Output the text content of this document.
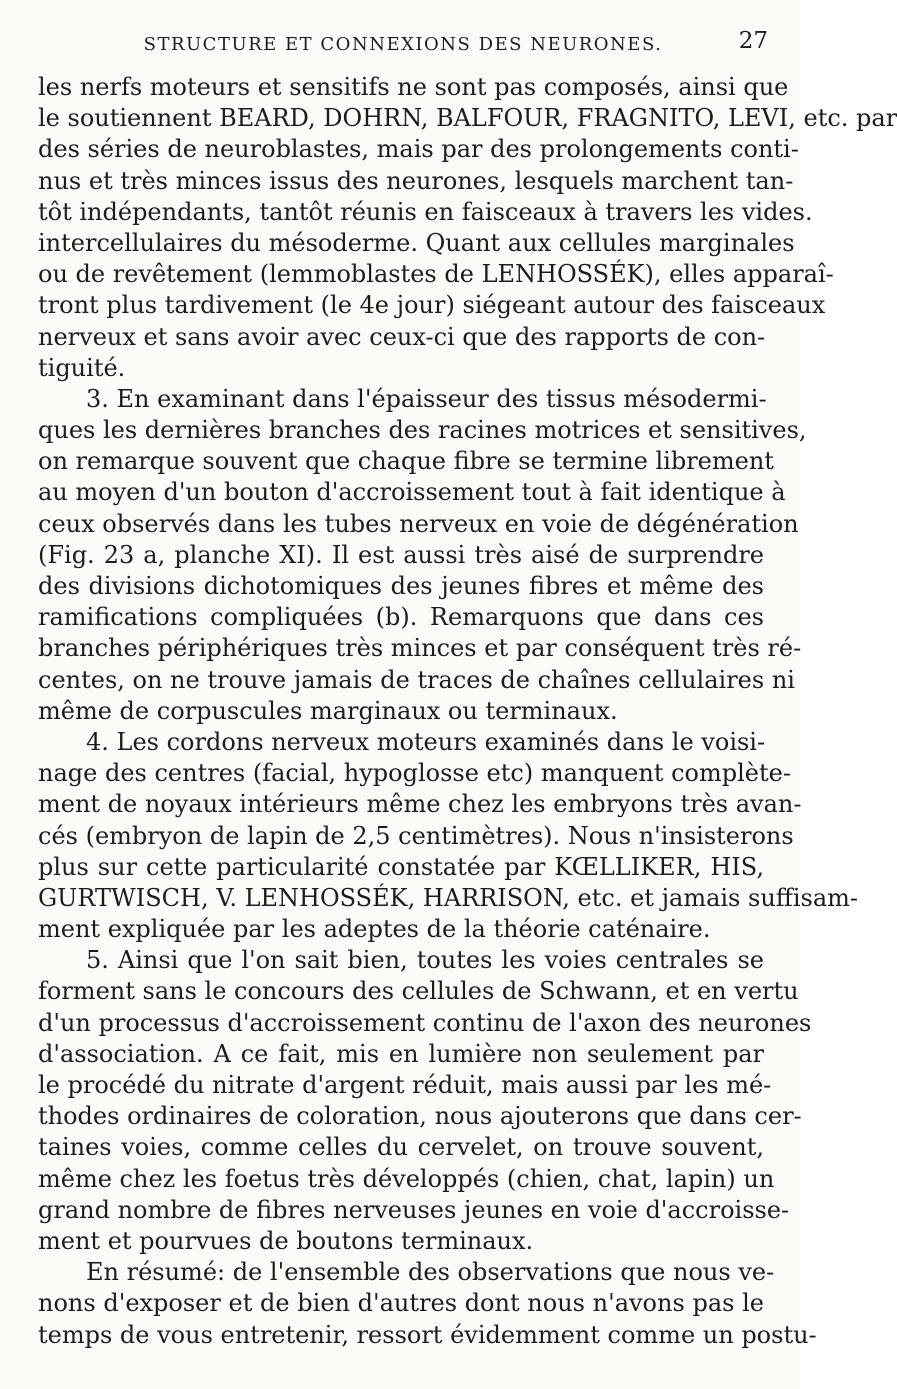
STRUCTURE ET CONNEXIONS DES NEURONES.	27
les nerfs moteurs et sensitifs ne sont pas composés, ainsi que
le soutiennent BEARD, DOHRN, BALFOUR, FRAGNITO, LEVI, etc. par
des séries de neuroblastes, mais par des prolongements conti-
nus et très minces issus des neurones, lesquels marchent tan-
tôt indépendants, tantôt réunis en faisceaux à travers les vides.
intercellulaires du mésoderme. Quant aux cellules marginales
ou de revêtement (lemmoblastes de LENHOSSÉK), elles apparaî-
tront plus tardivement (le 4e jour) siégeant autour des faisceaux
nerveux et sans avoir avec ceux-ci que des rapports de con-
tiguité.
3. En examinant dans l'épaisseur des tissus mésodermi-
ques les dernières branches des racines motrices et sensitives,
on remarque souvent que chaque fibre se termine librement
au moyen d'un bouton d'accroissement tout à fait identique à
ceux observés dans les tubes nerveux en voie de dégénération
(Fig. 23 a, planche XI). Il est aussi très aisé de surprendre
des divisions dichotomiques des jeunes fibres et même des
ramifications compliquées (b). Remarquons que dans ces
branches périphériques très minces et par conséquent très ré-
centes, on ne trouve jamais de traces de chaînes cellulaires ni
même de corpuscules marginaux ou terminaux.
4. Les cordons nerveux moteurs examinés dans le voisi-
nage des centres (facial, hypoglosse etc) manquent complète-
ment de noyaux intérieurs même chez les embryons très avan-
cés (embryon de lapin de 2,5 centimètres). Nous n'insisterons
plus sur cette particularité constatée par KŒLLIKER, HIS,
GURTWISCH, V. LENHOSSÉK, HARRISON, etc. et jamais suffisam-
ment expliquée par les adeptes de la théorie caténaire.
5. Ainsi que l'on sait bien, toutes les voies centrales se
forment sans le concours des cellules de Schwann, et en vertu
d'un processus d'accroissement continu de l'axon des neurones
d'association. A ce fait, mis en lumière non seulement par
le procédé du nitrate d'argent réduit, mais aussi par les mé-
thodes ordinaires de coloration, nous ajouterons que dans cer-
taines voies, comme celles du cervelet, on trouve souvent,
même chez les foetus très développés (chien, chat, lapin) un
grand nombre de fibres nerveuses jeunes en voie d'accroisse-
ment et pourvues de boutons terminaux.
En résumé: de l'ensemble des observations que nous ve-
nons d'exposer et de bien d'autres dont nous n'avons pas le
temps de vous entretenir, ressort évidemment comme un postu-
